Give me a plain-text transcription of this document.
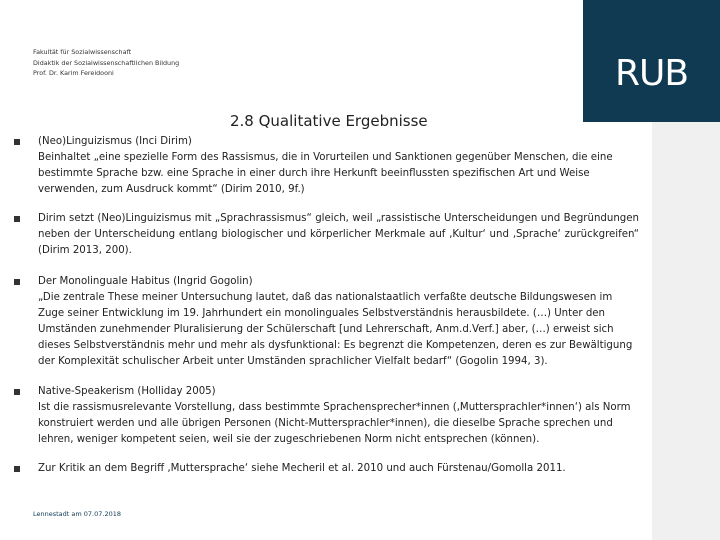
RUB
Fakultät für Sozialwissenschaft
Didaktik der Sozialwissenschaftlichen Bildung
Prof. Dr. Karim Fereidooni
2.8 Qualitative Ergebnisse
(Neo)Linguizismus (Inci Dirim)
Beinhaltet „eine spezielle Form des Rassismus, die in Vorurteilen und Sanktionen gegenüber Menschen, die eine bestimmte Sprache bzw. eine Sprache in einer durch ihre Herkunft beeinflussten spezifischen Art und Weise verwenden, zum Ausdruck kommt“ (Dirim 2010, 9f.)
Dirim setzt (Neo)Linguizismus mit „Sprachrassismus“ gleich, weil „rassistische Unterscheidungen und Begründungen neben der Unterscheidung entlang biologischer und körperlicher Merkmale auf ‚Kultur‘ und ‚Sprache‘ zurückgreifen“ (Dirim 2013, 200).
Der Monolinguale Habitus (Ingrid Gogolin)
„Die zentrale These meiner Untersuchung lautet, daß das nationalstaatlich verfaßte deutsche Bildungswesen im Zuge seiner Entwicklung im 19. Jahrhundert ein monolinguales Selbstverständnis herausbildete. (…) Unter den Umständen zunehmender Pluralisierung der Schülerschaft [und Lehrerschaft, Anm.d.Verf.] aber, (…) erweist sich dieses Selbstverständnis mehr und mehr als dysfunktional: Es begrenzt die Kompetenzen, deren es zur Bewältigung der Komplexität schulischer Arbeit unter Umständen sprachlicher Vielfalt bedarf“ (Gogolin 1994, 3).
Native-Speakerism (Holliday 2005)
Ist die rassismusrelevante Vorstellung, dass bestimmte Sprachensprecher*innen (‚Muttersprachler*innen‘) als Norm konstruiert werden und alle übrigen Personen (Nicht-Muttersprachler*innen), die dieselbe Sprache sprechen und lehren, weniger kompetent seien, weil sie der zugeschriebenen Norm nicht entsprechen (können).
Zur Kritik an dem Begriff ‚Muttersprache‘ siehe Mecheril et al. 2010 und auch Fürstenau/Gomolla 2011.
Lennestadt am 07.07.2018
